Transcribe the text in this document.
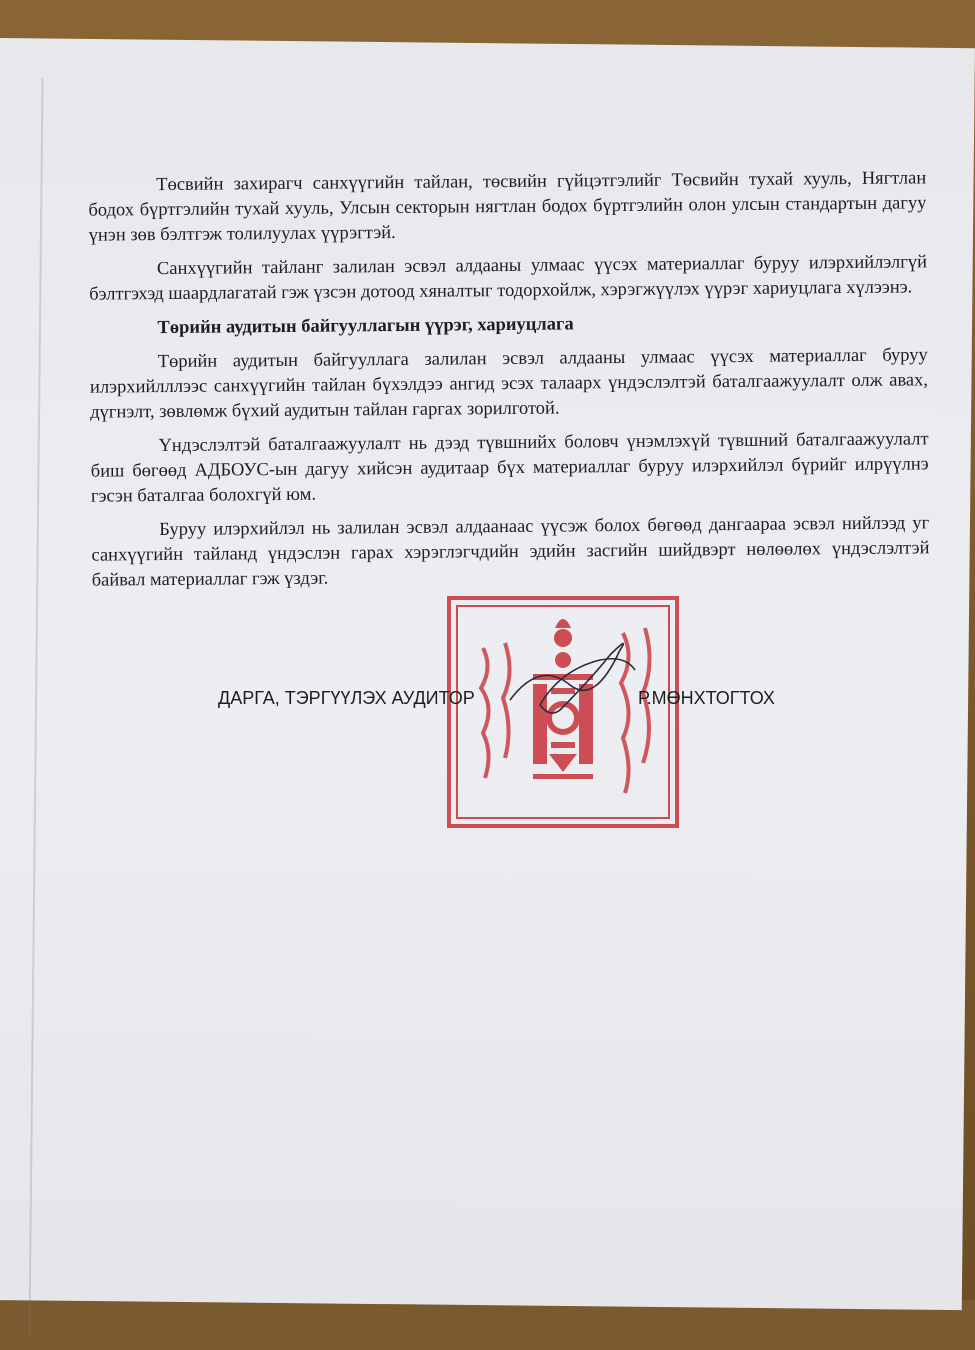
Төсвийн захирагч санхүүгийн тайлан, төсвийн гүйцэтгэлийг Төсвийн тухай хууль, Нягтлан бодох бүртгэлийн тухай хууль, Улсын секторын нягтлан бодох бүртгэлийн олон улсын стандартын дагуу үнэн зөв бэлтгэж толилуулах үүрэгтэй.

Санхүүгийн тайланг залилан эсвэл алдааны улмаас үүсэх материаллаг буруу илэрхийлэлгүй бэлтгэхэд шаардлагатай гэж үзсэн дотоод хяналтыг тодорхойлж, хэрэгжүүлэх үүрэг хариуцлага хүлээнэ.

Төрийн аудитын байгууллагын үүрэг, хариуцлага

Төрийн аудитын байгууллага залилан эсвэл алдааны улмаас үүсэх материаллаг буруу илэрхийлллээс санхүүгийн тайлан бүхэлдээ ангид эсэх талаарх үндэслэлтэй баталгаажуулалт олж авах, дүгнэлт, зөвлөмж бүхий аудитын тайлан гаргах зорилготой.

Үндэслэлтэй баталгаажуулалт нь дээд түвшнийх боловч үнэмлэхүй түвшний баталгаажуулалт биш бөгөөд АДБОУС-ын дагуу хийсэн аудитаар бүх материаллаг буруу илэрхийлэл бүрийг илрүүлнэ гэсэн баталгаа болохгүй юм.

Буруу илэрхийлэл нь залилан эсвэл алдаанаас үүсэж болох бөгөөд дангаараа эсвэл нийлээд уг санхүүгийн тайланд үндэслэн гарах хэрэглэгчдийн эдийн засгийн шийдвэрт нөлөөлөх үндэслэлтэй байвал материаллаг гэж үздэг.

ДАРГА, ТЭРГҮҮЛЭХ АУДИТОР	Р.МӨНХТОГТОХ
